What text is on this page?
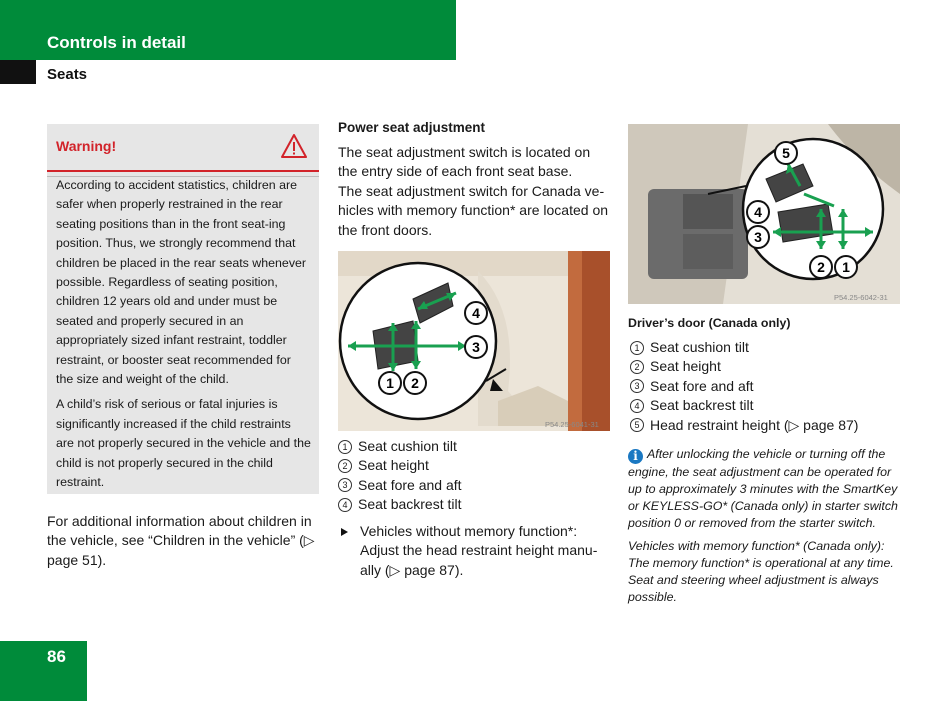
Controls in detail
Seats
Warning!

According to accident statistics, children are safer when properly restrained in the rear seating positions than in the front seat-ing position. Thus, we strongly recommend that children be placed in the rear seats whenever possible. Regardless of seating position, children 12 years old and under must be seated and properly secured in an appropriately sized infant restraint, toddler restraint, or booster seat recommended for the size and weight of the child.

A child’s risk of serious or fatal injuries is significantly increased if the child restraints are not properly secured in the vehicle and the child is not properly secured in the child restraint.

For additional information about children in the vehicle, see “Children in the vehicle” (▷ page 51).

Power seat adjustment

The seat adjustment switch is located on the entry side of each front seat base.

The seat adjustment switch for Canada ve-hicles with memory function* are located on the front doors.

4
3
1 2
P54.25-6041-31
1 Seat cushion tilt
2 Seat height
3 Seat fore and aft
4 Seat backrest tilt
Vehicles without memory function*: Adjust the head restraint height manu-ally (▷ page 87).
5
4
3
2 1
P54.25-6042-31
Driver’s door (Canada only)
1 Seat cushion tilt
2 Seat height
3 Seat fore and aft
4 Seat backrest tilt
5 Head restraint height (▷ page 87)

i After unlocking the vehicle or turning off the engine, the seat adjustment can be operated for up to approximately 3 minutes with the SmartKey or KEYLESS-GO* (Canada only) in starter switch position 0 or removed from the starter switch.

Vehicles with memory function* (Canada only): The memory function* is operational at any time. Seat and steering wheel adjustment is always possible.

86
